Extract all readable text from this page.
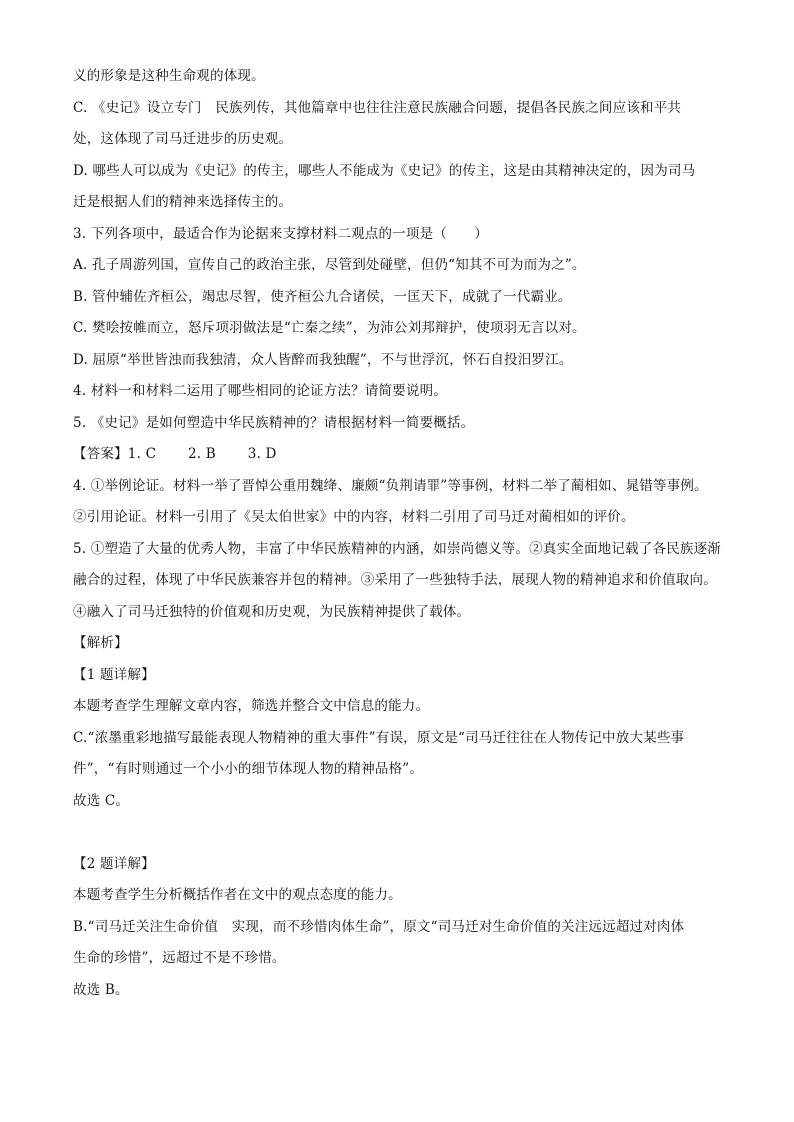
义的形象是这种生命观的体现。
C. 《史记》设立专门　民族列传，其他篇章中也往往注意民族融合问题，提倡各民族之间应该和平共
处，这体现了司马迁进步的历史观。
D. 哪些人可以成为《史记》的传主，哪些人不能成为《史记》的传主，这是由其精神决定的，因为司马
迁是根据人们的精神来选择传主的。
3. 下列各项中，最适合作为论据来支撑材料二观点的一项是（　　）
A. 孔子周游列国，宣传自己的政治主张，尽管到处碰壁，但仍“知其不可为而为之”。
B. 管仲辅佐齐桓公，竭忠尽智，使齐桓公九合诸侯，一匡天下，成就了一代霸业。
C. 樊哙按帷而立，怒斥项羽做法是“亡秦之续”，为沛公刘邦辩护，使项羽无言以对。
D. 屈原“举世皆浊而我独清，众人皆醉而我独醒”，不与世浮沉，怀石自投汨罗江。
4. 材料一和材料二运用了哪些相同的论证方法？请简要说明。
5. 《史记》是如何塑造中华民族精神的？请根据材料一简要概括。
【答案】1. C　　 2. B　　 3. D
4. ①举例论证。材料一举了晋悼公重用魏绛、廉颇“负荆请罪”等事例，材料二举了蔺相如、晁错等事例。
②引用论证。材料一引用了《吴太伯世家》中的内容，材料二引用了司马迁对蔺相如的评价。
5. ①塑造了大量的优秀人物，丰富了中华民族精神的内涵，如崇尚德义等。②真实全面地记载了各民族逐渐
融合的过程，体现了中华民族兼容并包的精神。③采用了一些独特手法，展现人物的精神追求和价值取向。
④融入了司马迁独特的价值观和历史观，为民族精神提供了载体。
【解析】
【1 题详解】
本题考查学生理解文章内容，筛选并整合文中信息的能力。
C.“浓墨重彩地描写最能表现人物精神的重大事件”有误，原文是“司马迁往往在人物传记中放大某些事
件”，“有时则通过一个小小的细节体现人物的精神品格”。
故选 C。
【2 题详解】
本题考查学生分析概括作者在文中的观点态度的能力。
B.“司马迁关注生命价值　实现，而不珍惜肉体生命”，原文“司马迁对生命价值的关注远远超过对肉体
生命的珍惜”，远超过不是不珍惜。
故选 B。
